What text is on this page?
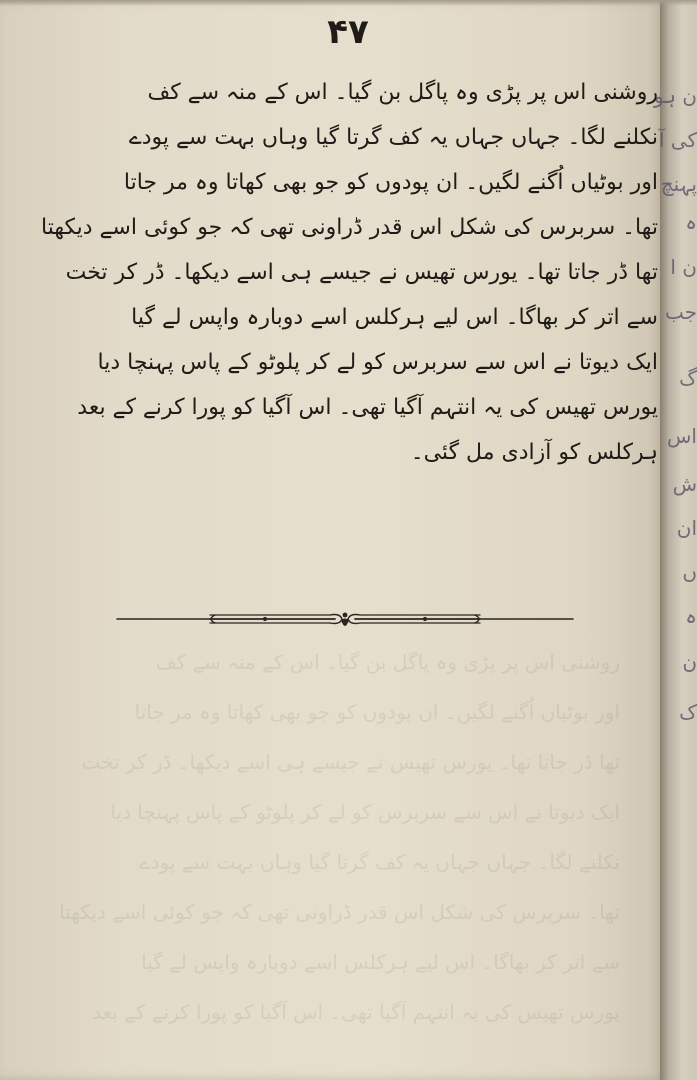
ن ہو
کی آ
پہنچ
ہ
ن ا
جب
گ
اس
ش
ان
ں
ہ
ن
ک
۴۷
روشنی اس پر پڑی وہ پاگل بن گیا۔ اس کے منہ سے کف
نکلنے لگا۔ جہاں جہاں یہ کف گرتا گیا وہاں بہت سے پودے
اور بوٹیاں اُگنے لگیں۔ ان پودوں کو جو بھی کھاتا وہ مر جاتا
تھا۔ سربرس کی شکل اس قدر ڈراونی تھی کہ جو کوئی اسے دیکھتا
تھا ڈر جاتا تھا۔ یورس تھیس نے جیسے ہی اسے دیکھا۔ ڈر کر تخت
سے اتر کر بھاگا۔ اس لیے ہرکلس اسے دوبارہ واپس لے گیا
ایک دیوتا نے اس سے سربرس کو لے کر پلوٹو کے پاس پہنچا دیا
یورس تھیس کی یہ انتہم آگیا تھی۔ اس آگیا کو پورا کرنے کے بعد
ہرکلس کو آزادی مل گئی۔
روشنی اس پر پڑی وہ پاگل بن گیا۔ اس کے منہ سے کف
اور بوٹیاں اُگنے لگیں۔ ان پودوں کو جو بھی کھاتا وہ مر جاتا
تھا ڈر جاتا تھا۔ یورس تھیس نے جیسے ہی اسے دیکھا۔ ڈر کر تخت
ایک دیوتا نے اس سے سربرس کو لے کر پلوٹو کے پاس پہنچا دیا
نکلنے لگا۔ جہاں جہاں یہ کف گرتا گیا وہاں بہت سے پودے
تھا۔ سربرس کی شکل اس قدر ڈراونی تھی کہ جو کوئی اسے دیکھتا
سے اتر کر بھاگا۔ اس لیے ہرکلس اسے دوبارہ واپس لے گیا
یورس تھیس کی یہ انتہم آگیا تھی۔ اس آگیا کو پورا کرنے کے بعد
